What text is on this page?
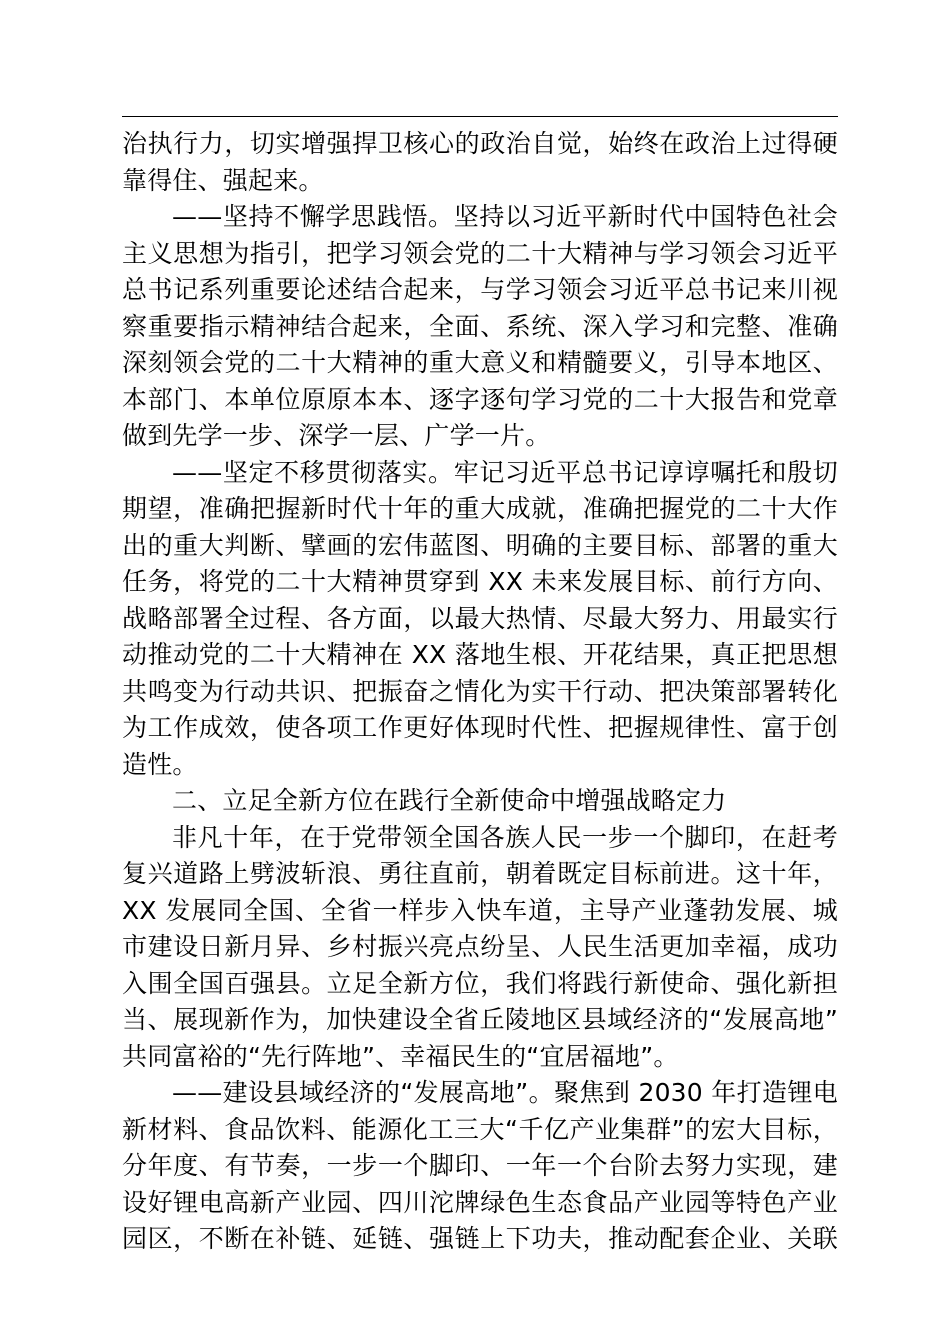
治执行力，切实增强捍卫核心的政治自觉，始终在政治上过得硬
靠得住、强起来。
——坚持不懈学思践悟。坚持以习近平新时代中国特色社会
主义思想为指引，把学习领会党的二十大精神与学习领会习近平
总书记系列重要论述结合起来，与学习领会习近平总书记来川视
察重要指示精神结合起来，全面、系统、深入学习和完整、准确
深刻领会党的二十大精神的重大意义和精髓要义，引导本地区、
本部门、本单位原原本本、逐字逐句学习党的二十大报告和党章
做到先学一步、深学一层、广学一片。
——坚定不移贯彻落实。牢记习近平总书记谆谆嘱托和殷切
期望，准确把握新时代十年的重大成就，准确把握党的二十大作
出的重大判断、擘画的宏伟蓝图、明确的主要目标、部署的重大
任务，将党的二十大精神贯穿到 XX 未来发展目标、前行方向、
战略部署全过程、各方面，以最大热情、尽最大努力、用最实行
动推动党的二十大精神在 XX 落地生根、开花结果，真正把思想
共鸣变为行动共识、把振奋之情化为实干行动、把决策部署转化
为工作成效，使各项工作更好体现时代性、把握规律性、富于创
造性。
二、立足全新方位在践行全新使命中增强战略定力
非凡十年，在于党带领全国各族人民一步一个脚印，在赶考
复兴道路上劈波斩浪、勇往直前，朝着既定目标前进。这十年，
XX 发展同全国、全省一样步入快车道，主导产业蓬勃发展、城
市建设日新月异、乡村振兴亮点纷呈、人民生活更加幸福，成功
入围全国百强县。立足全新方位，我们将践行新使命、强化新担
当、展现新作为，加快建设全省丘陵地区县域经济的“发展高地”
共同富裕的“先行阵地”、幸福民生的“宜居福地”。
——建设县域经济的“发展高地”。聚焦到 2030 年打造锂电
新材料、食品饮料、能源化工三大“千亿产业集群”的宏大目标，
分年度、有节奏，一步一个脚印、一年一个台阶去努力实现，建
设好锂电高新产业园、四川沱牌绿色生态食品产业园等特色产业
园区，不断在补链、延链、强链上下功夫，推动配套企业、关联
